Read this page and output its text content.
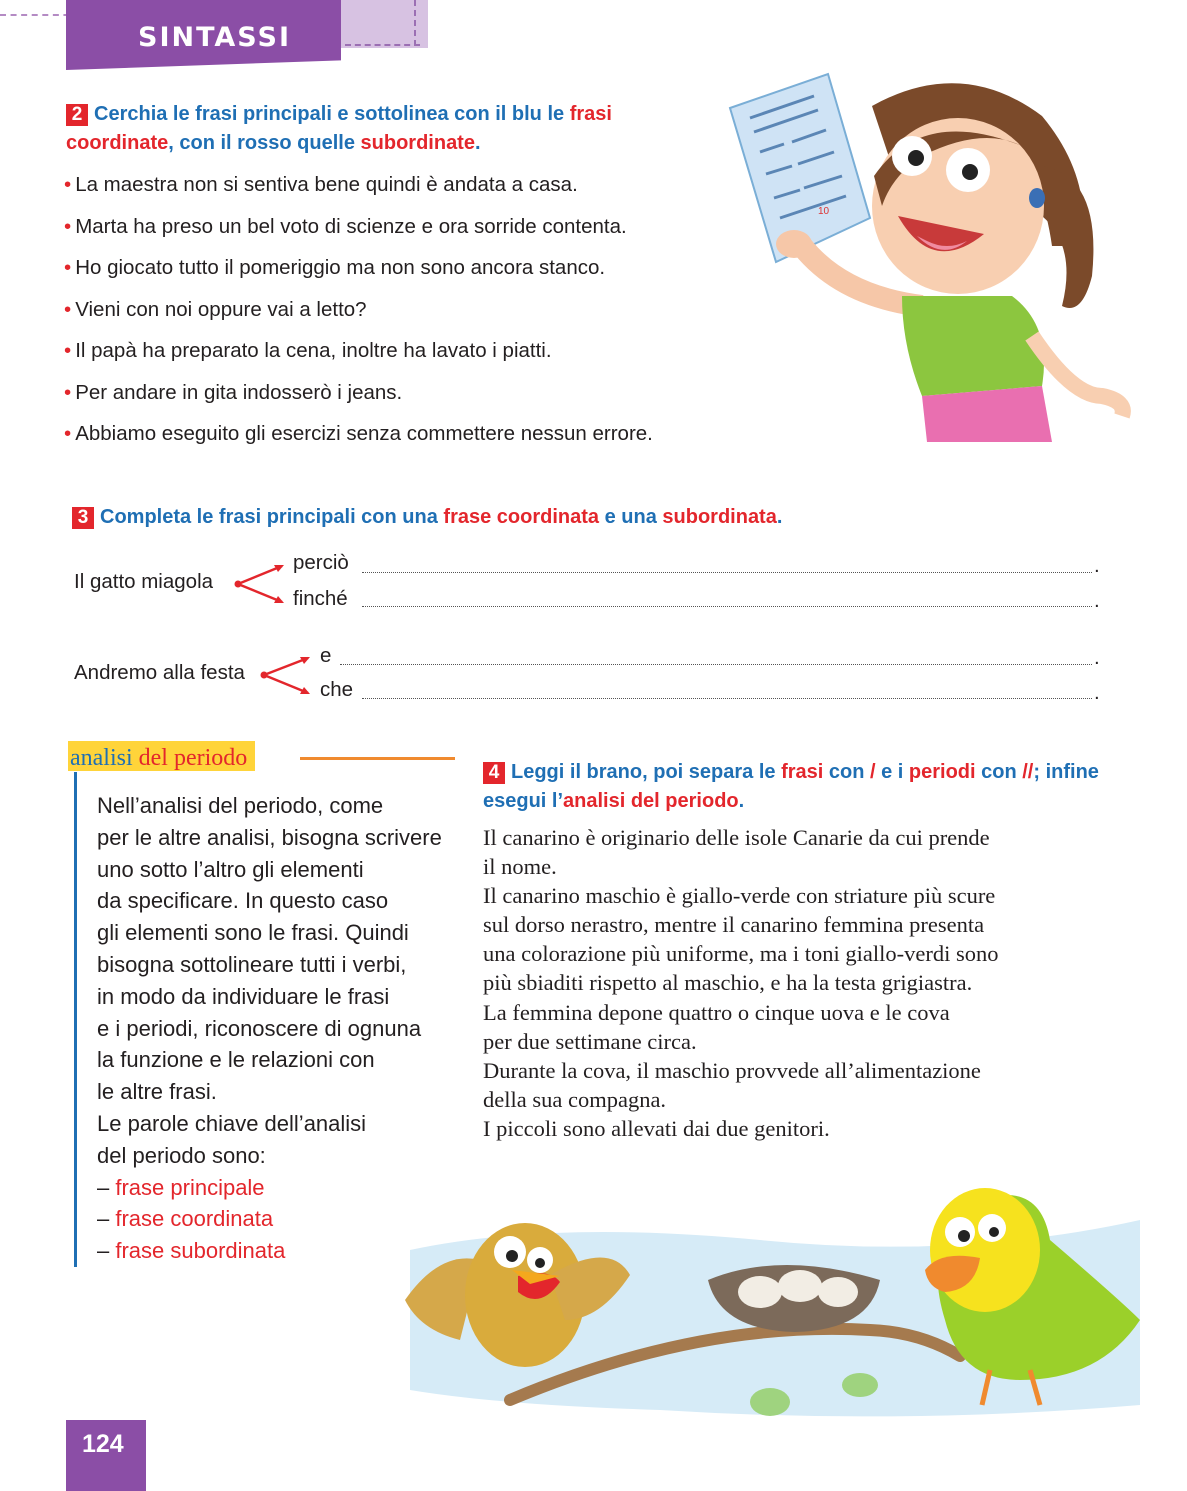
SINTASSI
2 Cerchia le frasi principali e sottolinea con il blu le frasi coordinate, con il rosso quelle subordinate.
• La maestra non si sentiva bene quindi è andata a casa.
• Marta ha preso un bel voto di scienze e ora sorride contenta.
• Ho giocato tutto il pomeriggio ma non sono ancora stanco.
• Vieni con noi oppure vai a letto?
• Il papà ha preparato la cena, inoltre ha lavato i piatti.
• Per andare in gita indosserò i jeans.
• Abbiamo eseguito gli esercizi senza commettere nessun errore.
10
3 Completa le frasi principali con una frase coordinata e una subordinata.
Il gatto miagola
perciò	.
finché	.
Andremo alla festa
e	.
che	.
analisi del periodo
Nell’analisi del periodo, come
per le altre analisi, bisogna scrivere
uno sotto l’altro gli elementi
da specificare. In questo caso
gli elementi sono le frasi. Quindi
bisogna sottolineare tutti i verbi,
in modo da individuare le frasi
e i periodi, riconoscere di ognuna
la funzione e le relazioni con
le altre frasi.
Le parole chiave dell’analisi
del periodo sono:
– frase principale
– frase coordinata
– frase subordinata
4 Leggi il brano, poi separa le frasi con / e i periodi con //; infine esegui l’analisi del periodo.
Il canarino è originario delle isole Canarie da cui prende
il nome.
Il canarino maschio è giallo-verde con striature più scure
sul dorso nerastro, mentre il canarino femmina presenta
una colorazione più uniforme, ma i toni giallo-verdi sono
più sbiaditi rispetto al maschio, e ha la testa grigiastra.
La femmina depone quattro o cinque uova e le cova
per due settimane circa.
Durante la cova, il maschio provvede all’alimentazione
della sua compagna.
I piccoli sono allevati dai due genitori.
124
